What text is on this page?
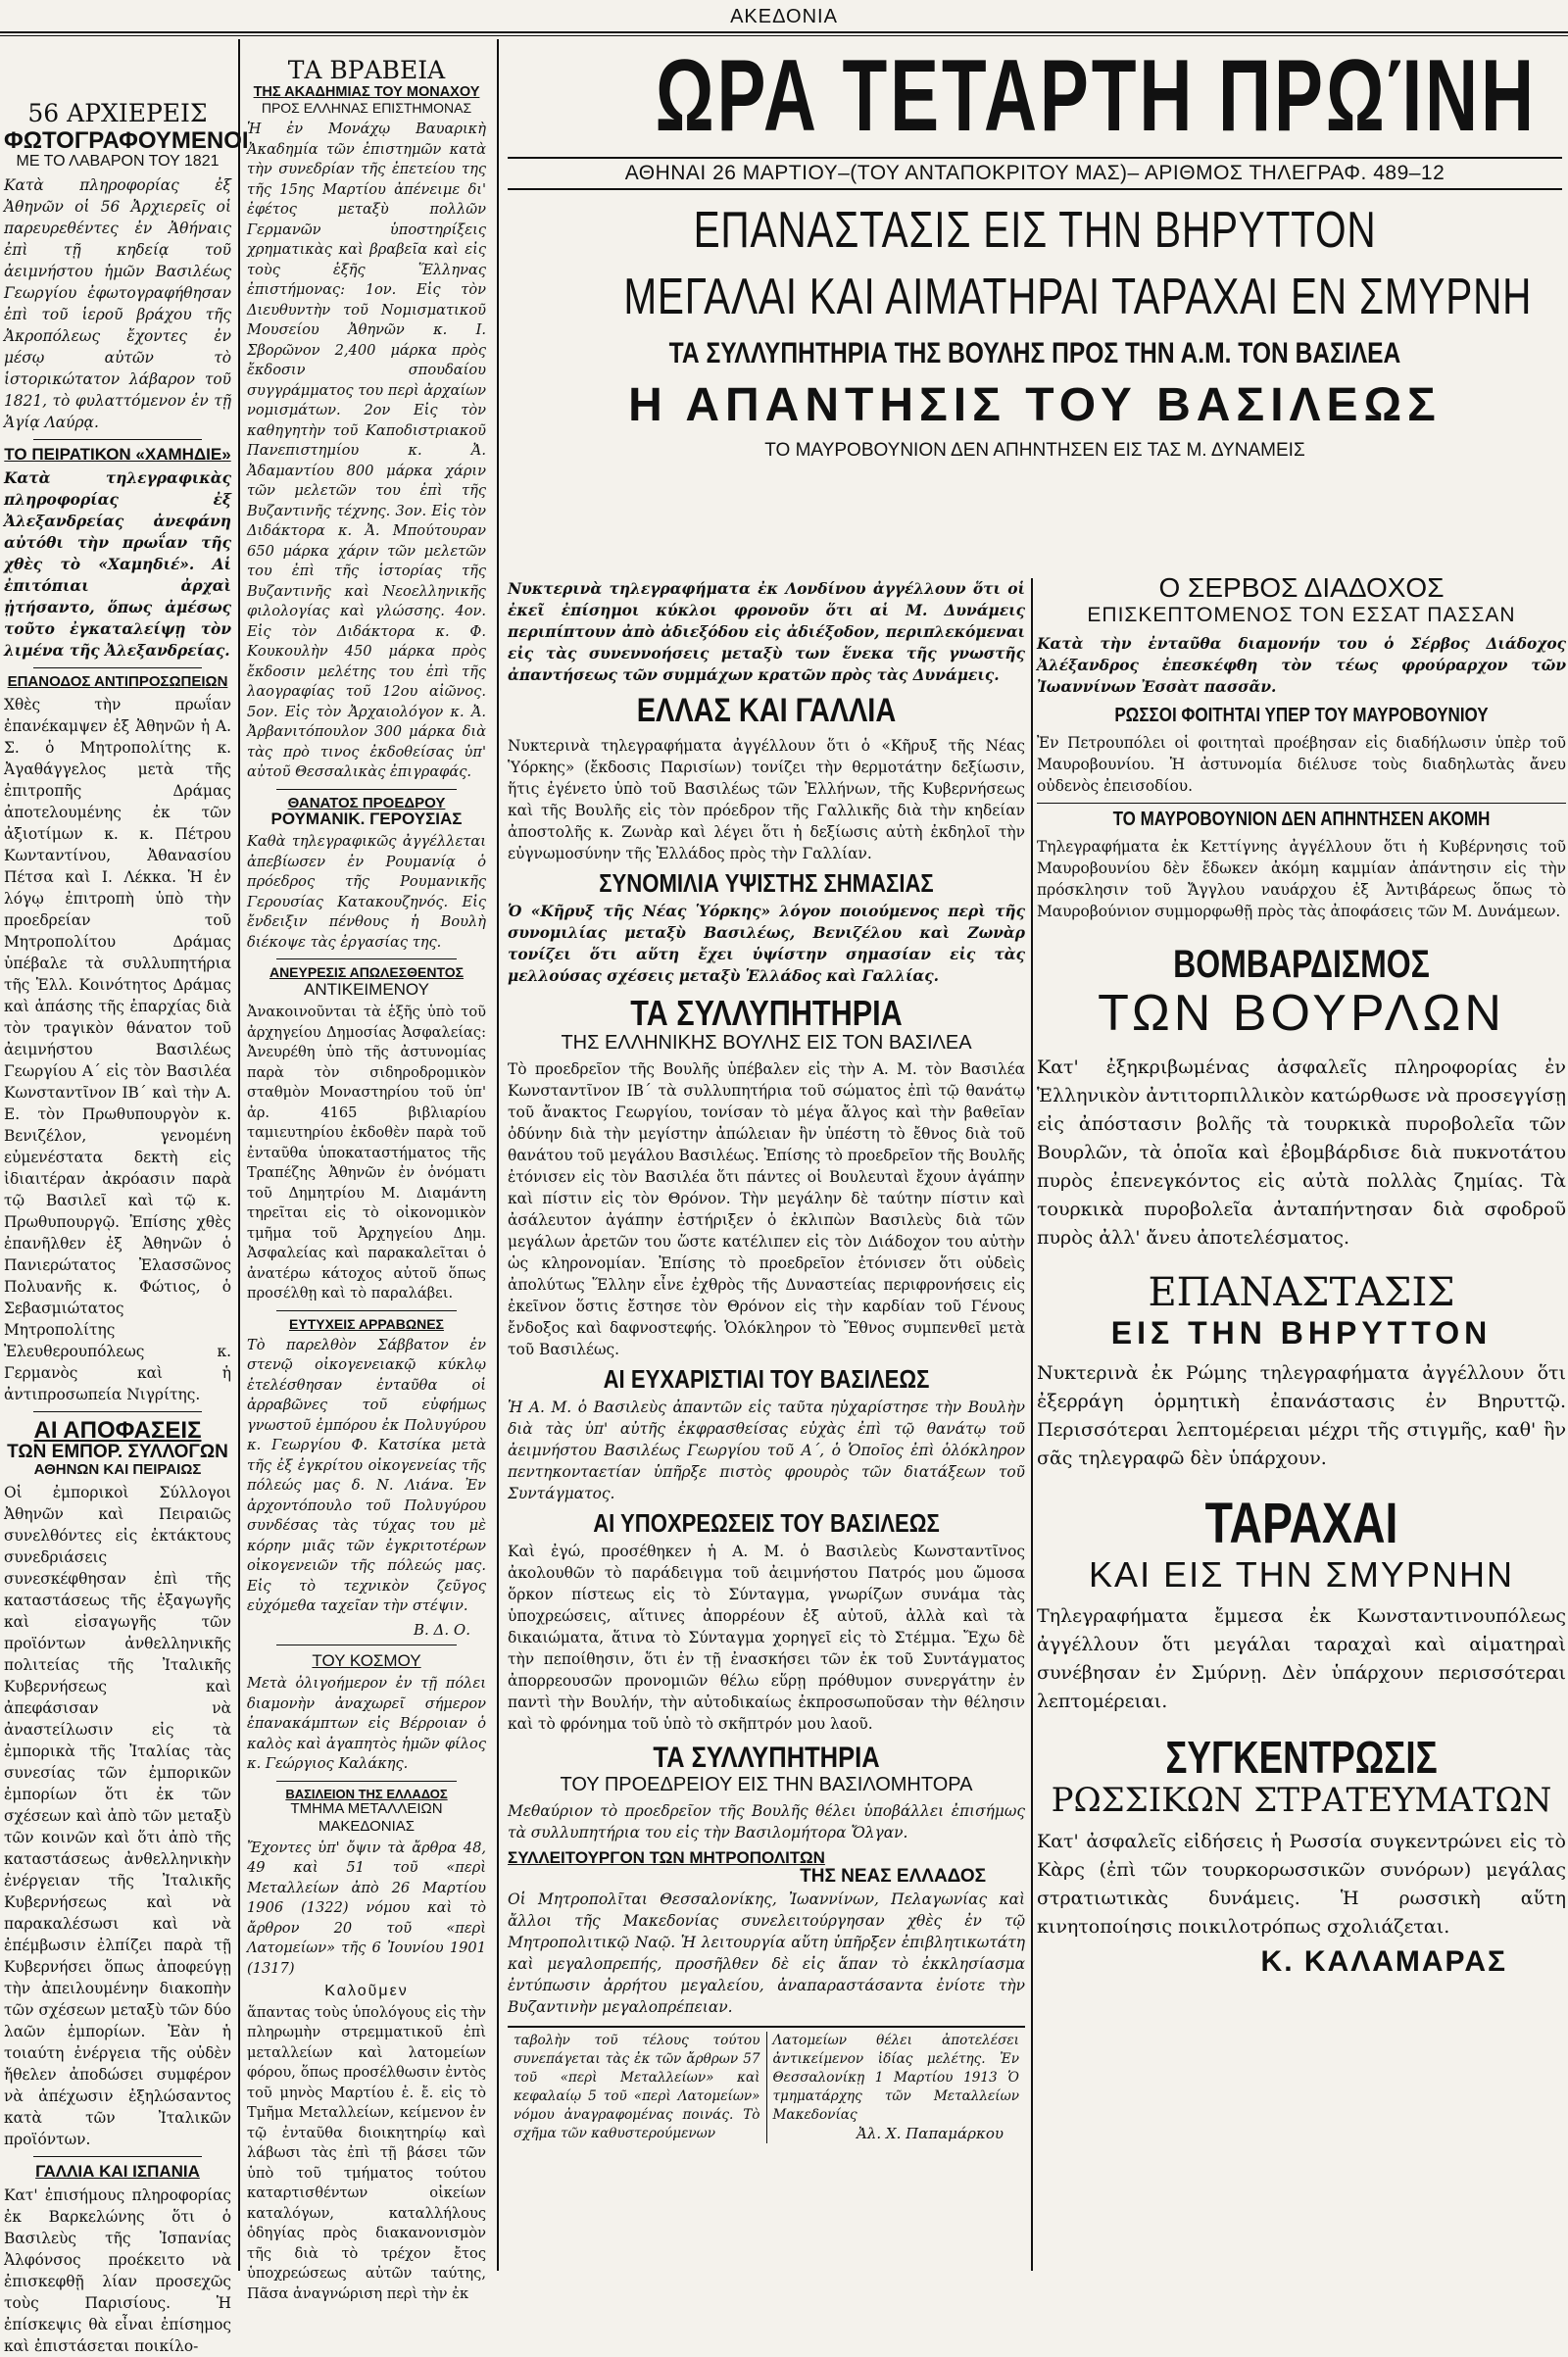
ΑΚΕΔΟΝΙΑ
56 ΑΡΧΙΕΡΕΙΣ
ΦΩΤΟΓΡΑΦΟΥΜΕΝΟΙ
ΜΕ ΤΟ ΛΑΒΑΡΟΝ ΤΟΥ 1821

Κατὰ πληροφορίας ἐξ Ἀθηνῶν οἱ 56 Ἀρχιερεῖς οἱ παρευρεθέντες ἐν Ἀθήναις ἐπὶ τῇ κηδείᾳ τοῦ ἀειμνήστου ἡμῶν Βασιλέως Γεωργίου ἐφωτογραφήθησαν ἐπὶ τοῦ ἱεροῦ βράχου τῆς Ἀκροπόλεως ἔχοντες ἐν μέσῳ αὐτῶν τὸ ἱστορικώτατον λάβαρον τοῦ 1821, τὸ φυλαττόμενον ἐν τῇ Ἁγίᾳ Λαύρᾳ.

ΤΟ ΠΕΙΡΑΤΙΚΟΝ «ΧΑΜΗΔΙΕ»

Κατὰ τηλεγραφικὰς πληροφορίας ἐξ Ἀλεξανδρείας ἀνεφάνη αὐτόθι τὴν πρωΐαν τῆς χθὲς τὸ «Χαμηδιέ». Αἱ ἐπιτόπιαι ἀρχαὶ ᾐτήσαντο, ὅπως ἀμέσως τοῦτο ἐγκαταλείψῃ τὸν λιμένα τῆς Ἀλεξανδρείας.

ΕΠΑΝΟΔΟΣ ΑΝΤΙΠΡΟΣΩΠΕΙΩΝ

Χθὲς τὴν πρωΐαν ἐπανέκαμψεν ἐξ Ἀθηνῶν ἡ Α. Σ. ὁ Μητροπολίτης κ. Ἀγαθάγγελος μετὰ τῆς ἐπιτροπῆς Δράμας ἀποτελουμένης ἐκ τῶν ἀξιοτίμων κ. κ. Πέτρου Κωνταντίνου, Ἀθανασίου Πέτσα καὶ Ι. Λέκκα. Ἡ ἐν λόγῳ ἐπιτροπὴ ὑπὸ τὴν προεδρείαν τοῦ Μητροπολίτου Δράμας ὑπέβαλε τὰ συλλυπητήρια τῆς Ἑλλ. Κοινότητος Δράμας καὶ ἁπάσης τῆς ἐπαρχίας διὰ τὸν τραγικὸν θάνατον τοῦ ἀειμνήστου Βασιλέως Γεωργίου Α΄ εἰς τὸν Βασιλέα Κωνσταντῖνον ΙΒ΄ καὶ τὴν Α. Ε. τὸν Πρωθυπουργὸν κ. Βενιζέλον, γενομένη εὐμενέστατα δεκτὴ εἰς ἰδιαιτέραν ἀκρόασιν παρὰ τῷ Βασιλεῖ καὶ τῷ κ. Πρωθυπουργῷ. Ἐπίσης χθὲς ἐπανῆλθεν ἐξ Ἀθηνῶν ὁ Πανιερώτατος Ἐλασσῶνος Πολυανῆς κ. Φώτιος, ὁ Σεβασμιώτατος Μητροπολίτης Ἐλευθερουπόλεως κ. Γερμανὸς καὶ ἡ ἀντιπροσωπεία Νιγρίτης.

ΑΙ ΑΠΟΦΑΣΕΙΣ
ΤΩΝ ΕΜΠΟΡ. ΣΥΛΛΟΓΩΝ
ΑΘΗΝΩΝ ΚΑΙ ΠΕΙΡΑΙΩΣ

Οἱ ἐμπορικοὶ Σύλλογοι Ἀθηνῶν καὶ Πειραιῶς συνελθόντες εἰς ἐκτάκτους συνεδριάσεις συνεσκέφθησαν ἐπὶ τῆς καταστάσεως τῆς ἐξαγωγῆς καὶ εἰσαγωγῆς τῶν προϊόντων ἀνθελληνικῆς πολιτείας τῆς Ἰταλικῆς Κυβερνήσεως καὶ ἀπεφάσισαν νὰ ἀναστείλωσιν εἰς τὰ ἐμπορικὰ τῆς Ἰταλίας τὰς συνεσίας τῶν ἐμπορικῶν ἐμπορίων ὅτι ἐκ τῶν σχέσεων καὶ ἀπὸ τῶν μεταξὺ τῶν κοινῶν καὶ ὅτι ἀπὸ τῆς καταστάσεως ἀνθελληνικὴν ἐνέργειαν τῆς Ἰταλικῆς Κυβερνήσεως καὶ νὰ παρακαλέσωσι καὶ νὰ ἐπέμβωσιν ἐλπίζει παρὰ τῇ Κυβερνήσει ὅπως ἀποφεύγῃ τὴν ἀπειλουμένην διακοπὴν τῶν σχέσεων μεταξὺ τῶν δύο λαῶν ἐμπορίων. Ἐὰν ἡ τοιαύτη ἐνέργεια τῆς οὐδὲν ἤθελεν ἀποδώσει συμφέρον νὰ ἀπέχωσιν ἐξηλώσαντος κατὰ τῶν Ἰταλικῶν προϊόντων.

ΓΑΛΛΙΑ ΚΑΙ ΙΣΠΑΝΙΑ

Κατ' ἐπισήμους πληροφορίας ἐκ Βαρκελώνης ὅτι ὁ Βασιλεὺς τῆς Ἱσπανίας Ἀλφόνσος προέκειτο νὰ ἐπισκεφθῇ λίαν προσεχῶς τοὺς Παρισίους. Ἡ ἐπίσκεψις θὰ εἶναι ἐπίσημος καὶ ἐπιστάσεται ποικίλο-

ΤΑ ΒΡΑΒΕΙΑ
ΤΗΣ ΑΚΑΔΗΜΙΑΣ ΤΟΥ ΜΟΝΑΧΟΥ
ΠΡΟΣ ΕΛΛΗΝΑΣ ΕΠΙΣΤΗΜΟΝΑΣ

Ἡ ἐν Μονάχῳ Βαυαρικὴ Ἀκαδημία τῶν ἐπιστημῶν κατὰ τὴν συνεδρίαν τῆς ἐπετείου της τῆς 15ης Μαρτίου ἀπένειμε δι' ἐφέτος μεταξὺ πολλῶν Γερμανῶν ὑποστηρίξεις χρηματικὰς καὶ βραβεῖα καὶ εἰς τοὺς ἑξῆς Ἕλληνας ἐπιστήμονας: 1ον. Εἰς τὸν Διευθυντὴν τοῦ Νομισματικοῦ Μουσείου Ἀθηνῶν κ. Ι. Σβορῶνον 2,400 μάρκα πρὸς ἔκδοσιν σπουδαίου συγγράμματος του περὶ ἀρχαίων νομισμάτων. 2ον Εἰς τὸν καθηγητὴν τοῦ Καποδιστριακοῦ Πανεπιστημίου κ. Ἀ. Ἀδαμαντίου 800 μάρκα χάριν τῶν μελετῶν του ἐπὶ τῆς Βυζαντινῆς τέχνης. 3ον. Εἰς τὸν Διδάκτορα κ. Ἀ. Μπούτουραν 650 μάρκα χάριν τῶν μελετῶν του ἐπὶ τῆς ἱστορίας τῆς Βυζαντινῆς καὶ Νεοελληνικῆς φιλολογίας καὶ γλώσσης. 4ον. Εἰς τὸν Διδάκτορα κ. Φ. Κουκουλὴν 450 μάρκα πρὸς ἔκδοσιν μελέτης του ἐπὶ τῆς λαογραφίας τοῦ 12ου αἰῶνος. 5ον. Εἰς τὸν Ἀρχαιολόγον κ. Ἀ. Ἀρβανιτόπουλον 300 μάρκα διὰ τὰς πρὸ τινος ἐκδοθείσας ὑπ' αὐτοῦ Θεσσαλικὰς ἐπιγραφάς.

ΘΑΝΑΤΟΣ ΠΡΟΕΔΡΟΥ
ΡΟΥΜΑΝΙΚ. ΓΕΡΟΥΣΙΑΣ

Καθὰ τηλεγραφικῶς ἀγγέλλεται ἀπεβίωσεν ἐν Ρουμανίᾳ ὁ πρόεδρος τῆς Ρουμανικῆς Γερουσίας Κατακουζηνός. Εἰς ἔνδειξιν πένθους ἡ Βουλὴ διέκοψε τὰς ἐργασίας της.

ΑΝΕΥΡΕΣΙΣ ΑΠΩΛΕΣΘΕΝΤΟΣ
ΑΝΤΙΚΕΙΜΕΝΟΥ

Ἀνακοινοῦνται τὰ ἑξῆς ὑπὸ τοῦ ἀρχηγείου Δημοσίας Ἀσφαλείας: Ἀνευρέθη ὑπὸ τῆς ἀστυνομίας παρὰ τὸν σιδηροδρομικὸν σταθμὸν Μοναστηρίου τοῦ ὑπ' ἀρ. 4165 βιβλιαρίου ταμιευτηρίου ἐκδοθὲν παρὰ τοῦ ἐνταῦθα ὑποκαταστήματος τῆς Τραπέζης Ἀθηνῶν ἐν ὀνόματι τοῦ Δημητρίου Μ. Διαμάντη τηρεῖται εἰς τὸ οἰκονομικὸν τμῆμα τοῦ Ἀρχηγείου Δημ. Ἀσφαλείας καὶ παρακαλεῖται ὁ ἀνατέρω κάτοχος αὐτοῦ ὅπως προσέλθῃ καὶ τὸ παραλάβει.

ΕΥΤΥΧΕΙΣ ΑΡΡΑΒΩΝΕΣ

Τὸ παρελθὸν Σάββατον ἐν στενῷ οἰκογενειακῷ κύκλῳ ἐτελέσθησαν ἐνταῦθα οἱ ἀρραβῶνες τοῦ εὐφήμως γνωστοῦ ἐμπόρου ἐκ Πολυγύρου κ. Γεωργίου Φ. Κατσίκα μετὰ τῆς ἐξ ἐγκρίτου οἰκογενείας τῆς πόλεώς μας δ. Ν. Λιάνα. Ἐν ἀρχοντόπουλο τοῦ Πολυγύρου συνδέσας τὰς τύχας του μὲ κόρην μιᾶς τῶν ἐγκριτοτέρων οἰκογενειῶν τῆς πόλεώς μας. Εἰς τὸ τεχνικὸν ζεῦγος εὐχόμεθα ταχεῖαν τὴν στέψιν.

Β. Δ. Ο.
ΤΟΥ ΚΟΣΜΟΥ

Μετὰ ὀλιγοήμερον ἐν τῇ πόλει διαμονὴν ἀναχωρεῖ σήμερον ἐπανακάμπτων εἰς Βέρροιαν ὁ καλὸς καὶ ἀγαπητὸς ἡμῶν φίλος κ. Γεώργιος Καλάκης.

ΒΑΣΙΛΕΙΟΝ ΤΗΣ ΕΛΛΑΔΟΣ
ΤΜΗΜΑ ΜΕΤΑΛΛΕΙΩΝ ΜΑΚΕΔΟΝΙΑΣ

Ἔχοντες ὑπ' ὄψιν τὰ ἄρθρα 48, 49 καὶ 51 τοῦ «περὶ Μεταλλείων ἀπὸ 26 Μαρτίου 1906 (1322) νόμου καὶ τὸ ἄρθρον 20 τοῦ «περὶ Λατομείων» τῆς 6 Ἰουνίου 1901 (1317)

Καλοῦμεν

ἅπαντας τοὺς ὑπολόγους εἰς τὴν πληρωμὴν στρεμματικοῦ ἐπὶ μεταλλείων καὶ λατομείων φόρου, ὅπως προσέλθωσιν ἐντὸς τοῦ μηνὸς Μαρτίου ἐ. ἔ. εἰς τὸ Τμῆμα Μεταλλείων, κείμενον ἐν τῷ ἐνταῦθα διοικητηρίῳ καὶ λάβωσι τὰς ἐπὶ τῇ βάσει τῶν ὑπὸ τοῦ τμήματος τούτου καταρτισθέντων οἰκείων καταλόγων, καταλλήλους ὁδηγίας πρὸς διακανονισμὸν τῆς διὰ τὸ τρέχον ἔτος ὑποχρεώσεως αὐτῶν ταύτης, Πᾶσα ἀναγνώριση περὶ τὴν ἐκ

ΩΡΑ ΤΕΤΑΡΤΗ ΠΡΩΊΝΗ
ΑΘΗΝΑΙ 26 ΜΑΡΤΙΟΥ–(ΤΟΥ ΑΝΤΑΠΟΚΡΙΤΟΥ ΜΑΣ)– ΑΡΙΘΜΟΣ ΤΗΛΕΓΡΑΦ. 489–12
ΕΠΑΝΑΣΤΑΣΙΣ ΕΙΣ ΤΗΝ ΒΗΡΥΤΤΟΝ
ΜΕΓΑΛΑΙ ΚΑΙ ΑΙΜΑΤΗΡΑΙ ΤΑΡΑΧΑΙ ΕΝ ΣΜΥΡΝΗ
ΤΑ ΣΥΛΛΥΠΗΤΗΡΙΑ ΤΗΣ ΒΟΥΛΗΣ ΠΡΟΣ ΤΗΝ Α.Μ. ΤΟΝ ΒΑΣΙΛΕΑ
Η ΑΠΑΝΤΗΣΙΣ ΤΟΥ ΒΑΣΙΛΕΩΣ
ΤΟ ΜΑΥΡΟΒΟΥΝΙΟΝ ΔΕΝ ΑΠΗΝΤΗΣΕΝ ΕΙΣ ΤΑΣ Μ. ΔΥΝΑΜΕΙΣ

Νυκτερινὰ τηλεγραφήματα ἐκ Λονδίνου ἀγγέλλουν ὅτι οἱ ἐκεῖ ἐπίσημοι κύκλοι φρονοῦν ὅτι αἱ Μ. Δυνάμεις περιπίπτουν ἀπὸ ἀδιεξόδου εἰς ἀδιέξοδον, περιπλεκόμεναι εἰς τὰς συνεννοήσεις μεταξὺ των ἕνεκα τῆς γνωστῆς ἀπαντήσεως τῶν συμμάχων κρατῶν πρὸς τὰς Δυνάμεις.

ΕΛΛΑΣ ΚΑΙ ΓΑΛΛΙΑ

Νυκτερινὰ τηλεγραφήματα ἀγγέλλουν ὅτι ὁ «Κῆρυξ τῆς Νέας Ὑόρκης» (ἔκδοσις Παρισίων) τονίζει τὴν θερμοτάτην δεξίωσιν, ἥτις ἐγένετο ὑπὸ τοῦ Βασιλέως τῶν Ἑλλήνων, τῆς Κυβερνήσεως καὶ τῆς Βουλῆς εἰς τὸν πρόεδρον τῆς Γαλλικῆς διὰ τὴν κηδείαν ἀποστολῆς κ. Ζωνὰρ καὶ λέγει ὅτι ἡ δεξίωσις αὐτὴ ἐκδηλοῖ τὴν εὐγνωμοσύνην τῆς Ἑλλάδος πρὸς τὴν Γαλλίαν.

ΣΥΝΟΜΙΛΙΑ ΥΨΙΣΤΗΣ ΣΗΜΑΣΙΑΣ

Ὁ «Κῆρυξ τῆς Νέας Ὑόρκης» λόγον ποιούμενος περὶ τῆς συνομιλίας μεταξὺ Βασιλέως, Βενιζέλου καὶ Ζωνὰρ τονίζει ὅτι αὕτη ἔχει ὑψίστην σημασίαν εἰς τὰς μελλούσας σχέσεις μεταξὺ Ἑλλάδος καὶ Γαλλίας.

ΤΑ ΣΥΛΛΥΠΗΤΗΡΙΑ
ΤΗΣ ΕΛΛΗΝΙΚΗΣ ΒΟΥΛΗΣ ΕΙΣ ΤΟΝ ΒΑΣΙΛΕΑ

Τὸ προεδρεῖον τῆς Βουλῆς ὑπέβαλεν εἰς τὴν Α. Μ. τὸν Βασιλέα Κωνσταντῖνον ΙΒ΄ τὰ συλλυπητήρια τοῦ σώματος ἐπὶ τῷ θανάτῳ τοῦ ἄνακτος Γεωργίου, τονίσαν τὸ μέγα ἄλγος καὶ τὴν βαθεῖαν ὀδύνην διὰ τὴν μεγίστην ἀπώλειαν ἣν ὑπέστη τὸ ἔθνος διὰ τοῦ θανάτου τοῦ μεγάλου Βασιλέως. Ἐπίσης τὸ προεδρεῖον τῆς Βουλῆς ἐτόνισεν εἰς τὸν Βασιλέα ὅτι πάντες οἱ Βουλευταὶ ἔχουν ἀγάπην καὶ πίστιν εἰς τὸν Θρόνον. Τὴν μεγάλην δὲ ταύτην πίστιν καὶ ἀσάλευτον ἀγάπην ἐστήριξεν ὁ ἐκλιπὼν Βασιλεὺς διὰ τῶν μεγάλων ἀρετῶν του ὥστε κατέλιπεν εἰς τὸν Διάδοχον του αὐτὴν ὡς κληρονομίαν. Ἐπίσης τὸ προεδρεῖον ἐτόνισεν ὅτι οὐδεὶς ἀπολύτως Ἕλλην εἶνε ἐχθρὸς τῆς Δυναστείας περιφρονήσεις εἰς ἐκεῖνον ὅστις ἔστησε τὸν Θρόνον εἰς τὴν καρδίαν τοῦ Γένους ἔνδοξος καὶ δαφνοστεφής. Ὁλόκληρον τὸ Ἔθνος συμπενθεῖ μετὰ τοῦ Βασιλέως.

ΑΙ ΕΥΧΑΡΙΣΤΙΑΙ ΤΟΥ ΒΑΣΙΛΕΩΣ

Ἡ Α. Μ. ὁ Βασιλεὺς ἀπαντῶν εἰς ταῦτα ηὐχαρίστησε τὴν Βουλὴν διὰ τὰς ὑπ' αὐτῆς ἐκφρασθείσας εὐχὰς ἐπὶ τῷ θανάτῳ τοῦ ἀειμνήστου Βασιλέως Γεωργίου τοῦ Α΄, ὁ Ὁποῖος ἐπὶ ὁλόκληρον πεντηκονταετίαν ὑπῆρξε πιστὸς φρουρὸς τῶν διατάξεων τοῦ Συντάγματος.

ΑΙ ΥΠΟΧΡΕΩΣΕΙΣ ΤΟΥ ΒΑΣΙΛΕΩΣ

Καὶ ἐγώ, προσέθηκεν ἡ Α. Μ. ὁ Βασιλεὺς Κωνσταντῖνος ἀκολουθῶν τὸ παράδειγμα τοῦ ἀειμνήστου Πατρός μου ὤμοσα ὅρκον πίστεως εἰς τὸ Σύνταγμα, γνωρίζων συνάμα τὰς ὑποχρεώσεις, αἵτινες ἀπορρέουν ἐξ αὐτοῦ, ἀλλὰ καὶ τὰ δικαιώματα, ἅτινα τὸ Σύνταγμα χορηγεῖ εἰς τὸ Στέμμα. Ἔχω δὲ τὴν πεποίθησιν, ὅτι ἐν τῇ ἐνασκήσει τῶν ἐκ τοῦ Συντάγματος ἀπορρεουσῶν προνομιῶν θέλω εὕρῃ πρόθυμον συνεργάτην ἐν παντὶ τὴν Βουλήν, τὴν αὐτοδικαίως ἐκπροσωποῦσαν τὴν θέλησιν καὶ τὸ φρόνημα τοῦ ὑπὸ τὸ σκῆπτρόν μου λαοῦ.

ΤΑ ΣΥΛΛΥΠΗΤΗΡΙΑ
ΤΟΥ ΠΡΟΕΔΡΕΙΟΥ ΕΙΣ ΤΗΝ ΒΑΣΙΛΟΜΗΤΟΡΑ

Μεθαύριον τὸ προεδρεῖον τῆς Βουλῆς θέλει ὑποβάλλει ἐπισήμως τὰ συλλυπητήρια του εἰς τὴν Βασιλομήτορα Ὄλγαν.

ΣΥΛΛΕΙΤΟΥΡΓΟΝ ΤΩΝ ΜΗΤΡΟΠΟΛΙΤΩΝ
ΤΗΣ ΝΕΑΣ ΕΛΛΑΔΟΣ

Οἱ Μητροπολῖται Θεσσαλονίκης, Ἰωαννίνων, Πελαγωνίας καὶ ἄλλοι τῆς Μακεδονίας συνελειτούργησαν χθὲς ἐν τῷ Μητροπολιτικῷ Ναῷ. Ἡ λειτουργία αὕτη ὑπῆρξεν ἐπιβλητικωτάτη καὶ μεγαλοπρεπής, προσῆλθεν δὲ εἰς ἅπαν τὸ ἐκκλησίασμα ἐντύπωσιν ἀρρήτου μεγαλείου, ἀναπαραστάσαντα ἐνίοτε τὴν Βυζαντινὴν μεγαλοπρέπειαν.

ταβολὴν τοῦ τέλους τούτου συνεπάγεται τὰς ἐκ τῶν ἄρθρων 57 τοῦ «περὶ Μεταλλείων» καὶ κεφαλαίῳ 5 τοῦ «περὶ Λατομείων» νόμου ἀναγραφομένας ποινάς. Τὸ σχῆμα τῶν καθυστερούμενων
Λατομείων θέλει ἀποτελέσει ἀντικείμενον ἰδίας μελέτης. Ἐν Θεσσαλονίκῃ 1 Μαρτίου 1913 Ὁ τμηματάρχης τῶν Μεταλλείων Μακεδονίας
Ἀλ. Χ. Παπαμάρκου
Ο ΣΕΡΒΟΣ ΔΙΑΔΟΧΟΣ
ΕΠΙΣΚΕΠΤΟΜΕΝΟΣ ΤΟΝ ΕΣΣΑΤ ΠΑΣΣΑΝ

Κατὰ τὴν ἐνταῦθα διαμονήν του ὁ Σέρβος Διάδοχος Ἀλέξανδρος ἐπεσκέφθη τὸν τέως φρούραρχον τῶν Ἰωαννίνων Ἐσσὰτ πασσᾶν.

ΡΩΣΣΟΙ ΦΟΙΤΗΤΑΙ ΥΠΕΡ ΤΟΥ ΜΑΥΡΟΒΟΥΝΙΟΥ

Ἐν Πετρουπόλει οἱ φοιτηταὶ προέβησαν εἰς διαδήλωσιν ὑπὲρ τοῦ Μαυροβουνίου. Ἡ ἀστυνομία διέλυσε τοὺς διαδηλωτὰς ἄνευ οὐδενὸς ἐπεισοδίου.

ΤΟ ΜΑΥΡΟΒΟΥΝΙΟΝ ΔΕΝ ΑΠΗΝΤΗΣΕΝ ΑΚΟΜΗ

Τηλεγραφήματα ἐκ Κεττίγνης ἀγγέλλουν ὅτι ἡ Κυβέρνησις τοῦ Μαυροβουνίου δὲν ἔδωκεν ἀκόμη καμμίαν ἀπάντησιν εἰς τὴν πρόσκλησιν τοῦ Ἄγγλου ναυάρχου ἐξ Ἀντιβάρεως ὅπως τὸ Μαυροβούνιον συμμορφωθῇ πρὸς τὰς ἀποφάσεις τῶν Μ. Δυνάμεων.

ΒΟΜΒΑΡΔΙΣΜΟΣ
ΤΩΝ ΒΟΥΡΛΩΝ

Κατ' ἐξηκριβωμένας ἀσφαλεῖς πληροφορίας ἐν Ἑλληνικὸν ἀντιτορπιλλικὸν κατώρθωσε νὰ προσεγγίσῃ εἰς ἀπόστασιν βολῆς τὰ τουρκικὰ πυροβολεῖα τῶν Βουρλῶν, τὰ ὁποῖα καὶ ἐβομβάρδισε διὰ πυκνοτάτου πυρὸς ἐπενεγκόντος εἰς αὐτὰ πολλὰς ζημίας. Τὰ τουρκικὰ πυροβολεῖα ἀνταπήντησαν διὰ σφοδροῦ πυρὸς ἀλλ' ἄνευ ἀποτελέσματος.

ΕΠΑΝΑΣΤΑΣΙΣ
ΕΙΣ ΤΗΝ ΒΗΡΥΤΤΟΝ

Νυκτερινὰ ἐκ Ρώμης τηλεγραφήματα ἀγγέλλουν ὅτι ἐξερράγη ὁρμητικὴ ἐπανάστασις ἐν Βηρυττῷ. Περισσότεραι λεπτομέρειαι μέχρι τῆς στιγμῆς, καθ' ἣν σᾶς τηλεγραφῶ δὲν ὑπάρχουν.

ΤΑΡΑΧΑΙ
ΚΑΙ ΕΙΣ ΤΗΝ ΣΜΥΡΝΗΝ

Τηλεγραφήματα ἔμμεσα ἐκ Κωνσταντινουπόλεως ἀγγέλλουν ὅτι μεγάλαι ταραχαὶ καὶ αἱματηραὶ συνέβησαν ἐν Σμύρνῃ. Δὲν ὑπάρχουν περισσότεραι λεπτομέρειαι.

ΣΥΓΚΕΝΤΡΩΣΙΣ
ΡΩΣΣΙΚΩΝ ΣΤΡΑΤΕΥΜΑΤΩΝ

Κατ' ἀσφαλεῖς εἰδήσεις ἡ Ρωσσία συγκεντρώνει εἰς τὸ Κὰρς (ἐπὶ τῶν τουρκορωσσικῶν συνόρων) μεγάλας στρατιωτικὰς δυνάμεις. Ἡ ρωσσικὴ αὕτη κινητοποίησις ποικιλοτρόπως σχολιάζεται.

Κ. ΚΑΛΑΜΑΡΑΣ
